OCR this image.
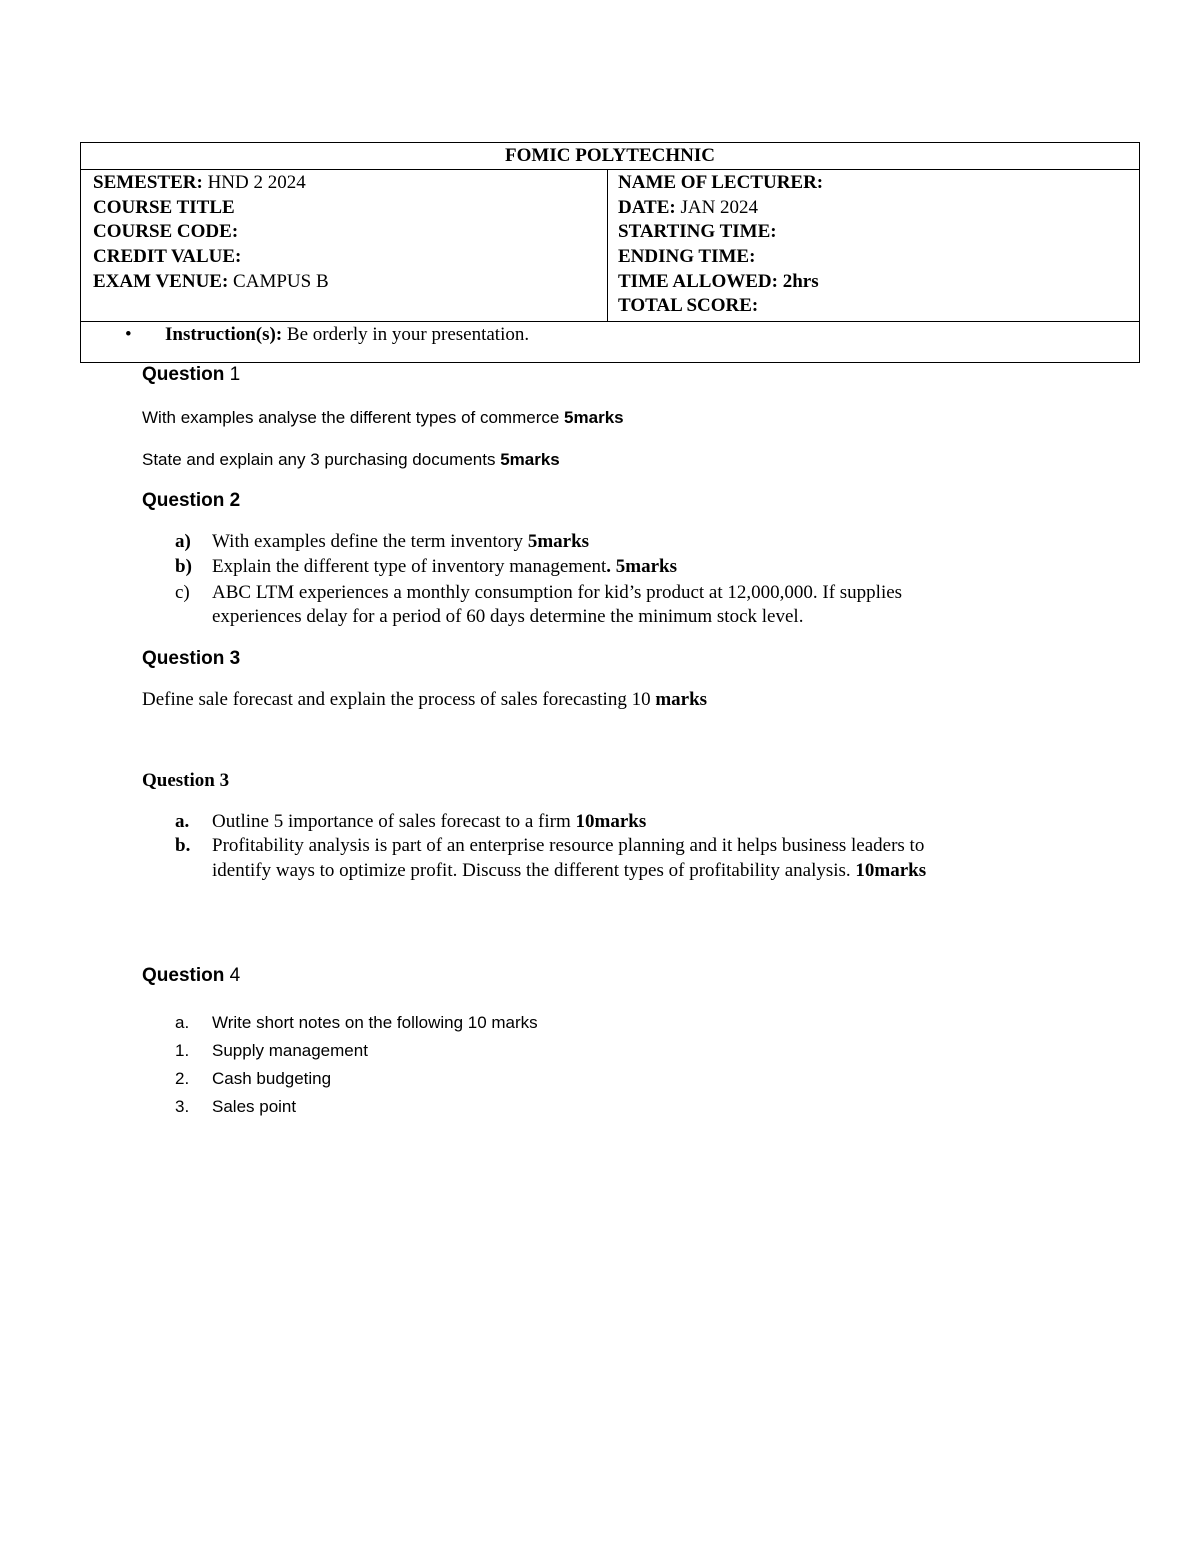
FOMIC POLYTECHNIC
SEMESTER: HND 2 2024
COURSE TITLE
COURSE CODE:
CREDIT VALUE:
EXAM VENUE: CAMPUS B
NAME OF LECTURER:
DATE: JAN 2024
STARTING TIME:
ENDING TIME:
TIME ALLOWED: 2hrs
TOTAL SCORE:
• Instruction(s): Be orderly in your presentation.
Question 1
With examples analyse the different types of commerce 5marks
State and explain any 3 purchasing documents 5marks
Question 2
a) With examples define the term inventory 5marks
b) Explain the different type of inventory management. 5marks
c) ABC LTM experiences a monthly consumption for kid’s product at 12,000,000. If supplies
experiences delay for a period of 60 days determine the minimum stock level.
Question 3
Define sale forecast and explain the process of sales forecasting 10 marks
Question 3
a. Outline 5 importance of sales forecast to a firm 10marks
b. Profitability analysis is part of an enterprise resource planning and it helps business leaders to
identify ways to optimize profit. Discuss the different types of profitability analysis. 10marks
Question 4
a. Write short notes on the following 10 marks
1. Supply management
2. Cash budgeting
3. Sales point
